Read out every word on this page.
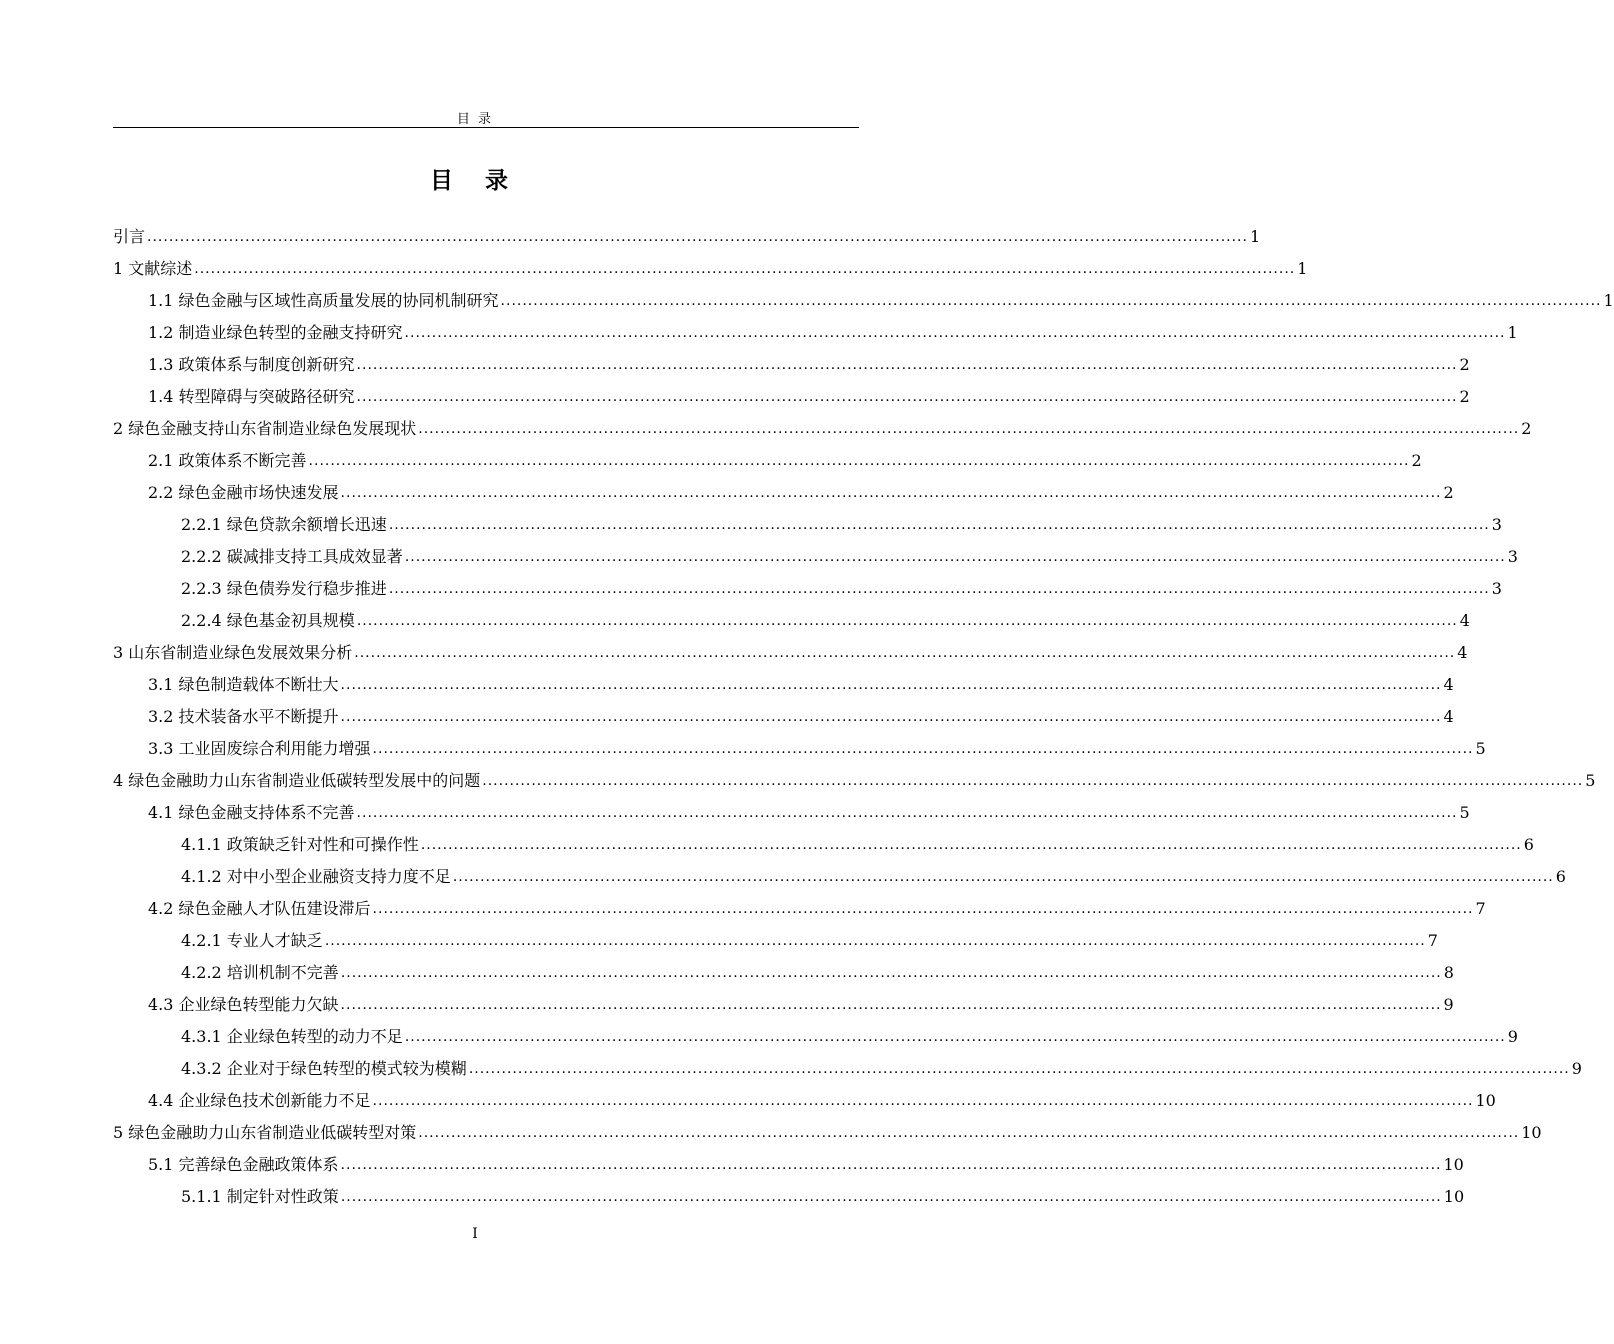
目 录
目 录
引言 .......................................................................................................................................................................................................... 1
1 文献综述 .......................................................................................................................................................................................................... 1
1.1 绿色金融与区域性高质量发展的协同机制研究 .......................................................................................................................................................................................................... 1
1.2 制造业绿色转型的金融支持研究 .......................................................................................................................................................................................................... 1
1.3 政策体系与制度创新研究 .......................................................................................................................................................................................................... 2
1.4 转型障碍与突破路径研究 .......................................................................................................................................................................................................... 2
2 绿色金融支持山东省制造业绿色发展现状 .......................................................................................................................................................................................................... 2
2.1 政策体系不断完善 .......................................................................................................................................................................................................... 2
2.2 绿色金融市场快速发展 .......................................................................................................................................................................................................... 2
2.2.1 绿色贷款余额增长迅速 .......................................................................................................................................................................................................... 3
2.2.2 碳减排支持工具成效显著 .......................................................................................................................................................................................................... 3
2.2.3 绿色债券发行稳步推进 .......................................................................................................................................................................................................... 3
2.2.4 绿色基金初具规模 .......................................................................................................................................................................................................... 4
3 山东省制造业绿色发展效果分析 .......................................................................................................................................................................................................... 4
3.1 绿色制造载体不断壮大 .......................................................................................................................................................................................................... 4
3.2 技术装备水平不断提升 .......................................................................................................................................................................................................... 4
3.3 工业固废综合利用能力增强 .......................................................................................................................................................................................................... 5
4 绿色金融助力山东省制造业低碳转型发展中的问题 .......................................................................................................................................................................................................... 5
4.1 绿色金融支持体系不完善 .......................................................................................................................................................................................................... 5
4.1.1 政策缺乏针对性和可操作性 .......................................................................................................................................................................................................... 6
4.1.2 对中小型企业融资支持力度不足 .......................................................................................................................................................................................................... 6
4.2 绿色金融人才队伍建设滞后 .......................................................................................................................................................................................................... 7
4.2.1 专业人才缺乏 .......................................................................................................................................................................................................... 7
4.2.2 培训机制不完善 .......................................................................................................................................................................................................... 8
4.3 企业绿色转型能力欠缺 .......................................................................................................................................................................................................... 9
4.3.1 企业绿色转型的动力不足 .......................................................................................................................................................................................................... 9
4.3.2 企业对于绿色转型的模式较为模糊 .......................................................................................................................................................................................................... 9
4.4 企业绿色技术创新能力不足 .......................................................................................................................................................................................................... 10
5 绿色金融助力山东省制造业低碳转型对策 .......................................................................................................................................................................................................... 10
5.1 完善绿色金融政策体系 .......................................................................................................................................................................................................... 10
5.1.1 制定针对性政策 .......................................................................................................................................................................................................... 10
I
